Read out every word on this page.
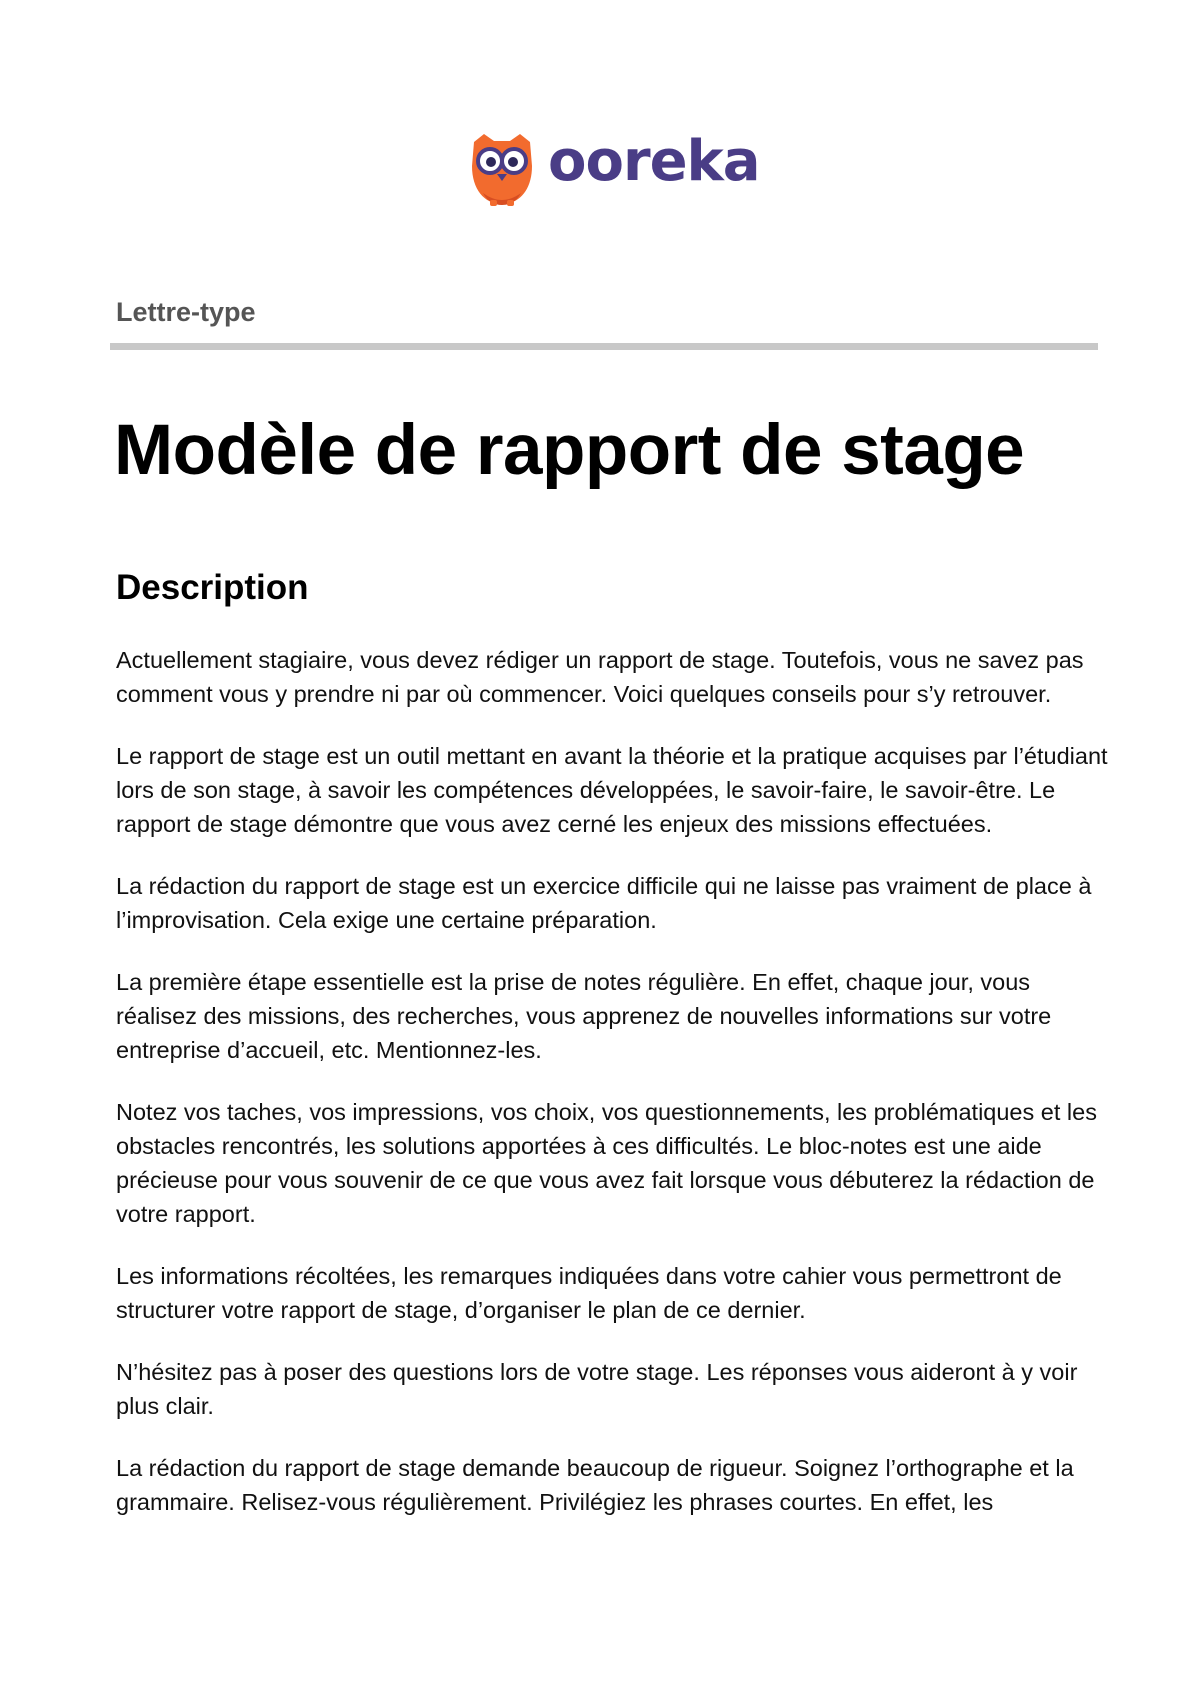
ooreka
Lettre-type
Modèle de rapport de stage
Description

Actuellement stagiaire, vous devez rédiger un rapport de stage. Toutefois, vous ne savez pas comment vous y prendre ni par où commencer. Voici quelques conseils pour s’y retrouver.

Le rapport de stage est un outil mettant en avant la théorie et la pratique acquises par l’étudiant lors de son stage, à savoir les compétences développées, le savoir-faire, le savoir-être. Le rapport de stage démontre que vous avez cerné les enjeux des missions effectuées.

La rédaction du rapport de stage est un exercice difficile qui ne laisse pas vraiment de place à l’improvisation. Cela exige une certaine préparation.

La première étape essentielle est la prise de notes régulière. En effet, chaque jour, vous réalisez des missions, des recherches, vous apprenez de nouvelles informations sur votre entreprise d’accueil, etc. Mentionnez-les.

Notez vos taches, vos impressions, vos choix, vos questionnements, les problématiques et les obstacles rencontrés, les solutions apportées à ces difficultés. Le bloc-notes est une aide précieuse pour vous souvenir de ce que vous avez fait lorsque vous débuterez la rédaction de votre rapport.

Les informations récoltées, les remarques indiquées dans votre cahier vous permettront de structurer votre rapport de stage, d’organiser le plan de ce dernier.

N’hésitez pas à poser des questions lors de votre stage. Les réponses vous aideront à y voir plus clair.

La rédaction du rapport de stage demande beaucoup de rigueur. Soignez l’orthographe et la grammaire. Relisez-vous régulièrement. Privilégiez les phrases courtes. En effet, les
